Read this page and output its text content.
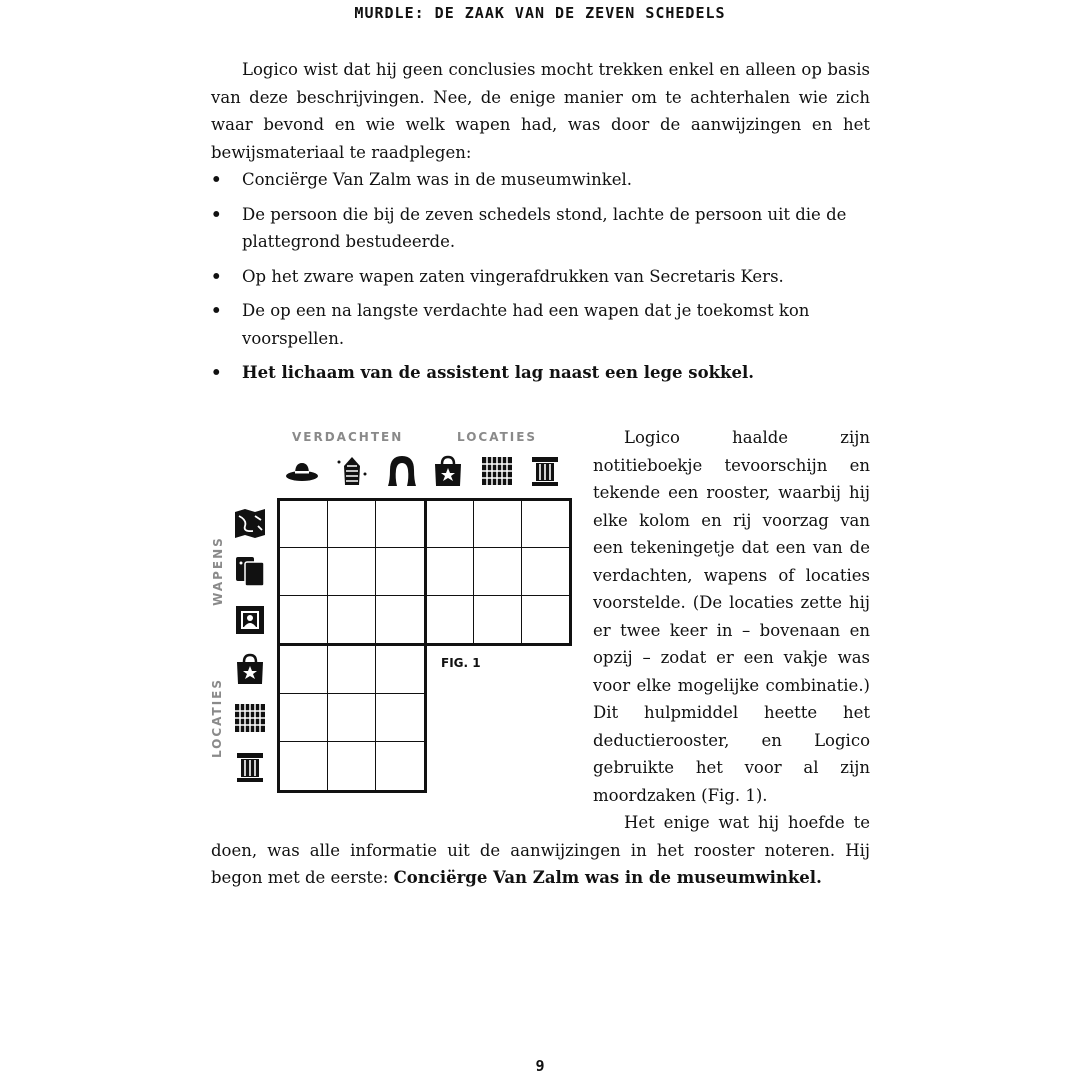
MURDLE: DE ZAAK VAN DE ZEVEN SCHEDELS

Logico wist dat hij geen conclusies mocht trekken enkel en alleen op basis van deze beschrijvingen. Nee, de enige manier om te achterhalen wie zich waar bevond en wie welk wapen had, was door de aanwijzingen en het bewijsmateriaal te raadplegen:

• Conciërge Van Zalm was in de museumwinkel.
• De persoon die bij de zeven schedels stond, lachte de persoon uit die de plattegrond bestudeerde.
• Op het zware wapen zaten vingerafdrukken van Secretaris Kers.
• De op een na langste verdachte had een wapen dat je toekomst kon voorspellen.
• Het lichaam van de assistent lag naast een lege sokkel.
VERDACHTEN	LOCATIES
WAPENS
LOCATIES
FIG. 1

Logico haalde zijn notitieboekje tevoorschijn en tekende een rooster, waarbij hij elke kolom en rij voorzag van een tekeningetje dat een van de verdachten, wapens of locaties voorstelde. (De locaties zette hij er twee keer in – bovenaan en opzij – zodat er een vakje was voor elke mogelijke combinatie.) Dit hulpmiddel heette het deductierooster, en Logico gebruikte het voor al zijn moordzaken (Fig. 1).

Het enige wat hij hoefde te doen, was alle informatie uit de aanwijzingen in het rooster noteren. Hij begon met de eerste: Conciërge Van Zalm was in de museumwinkel.

9
